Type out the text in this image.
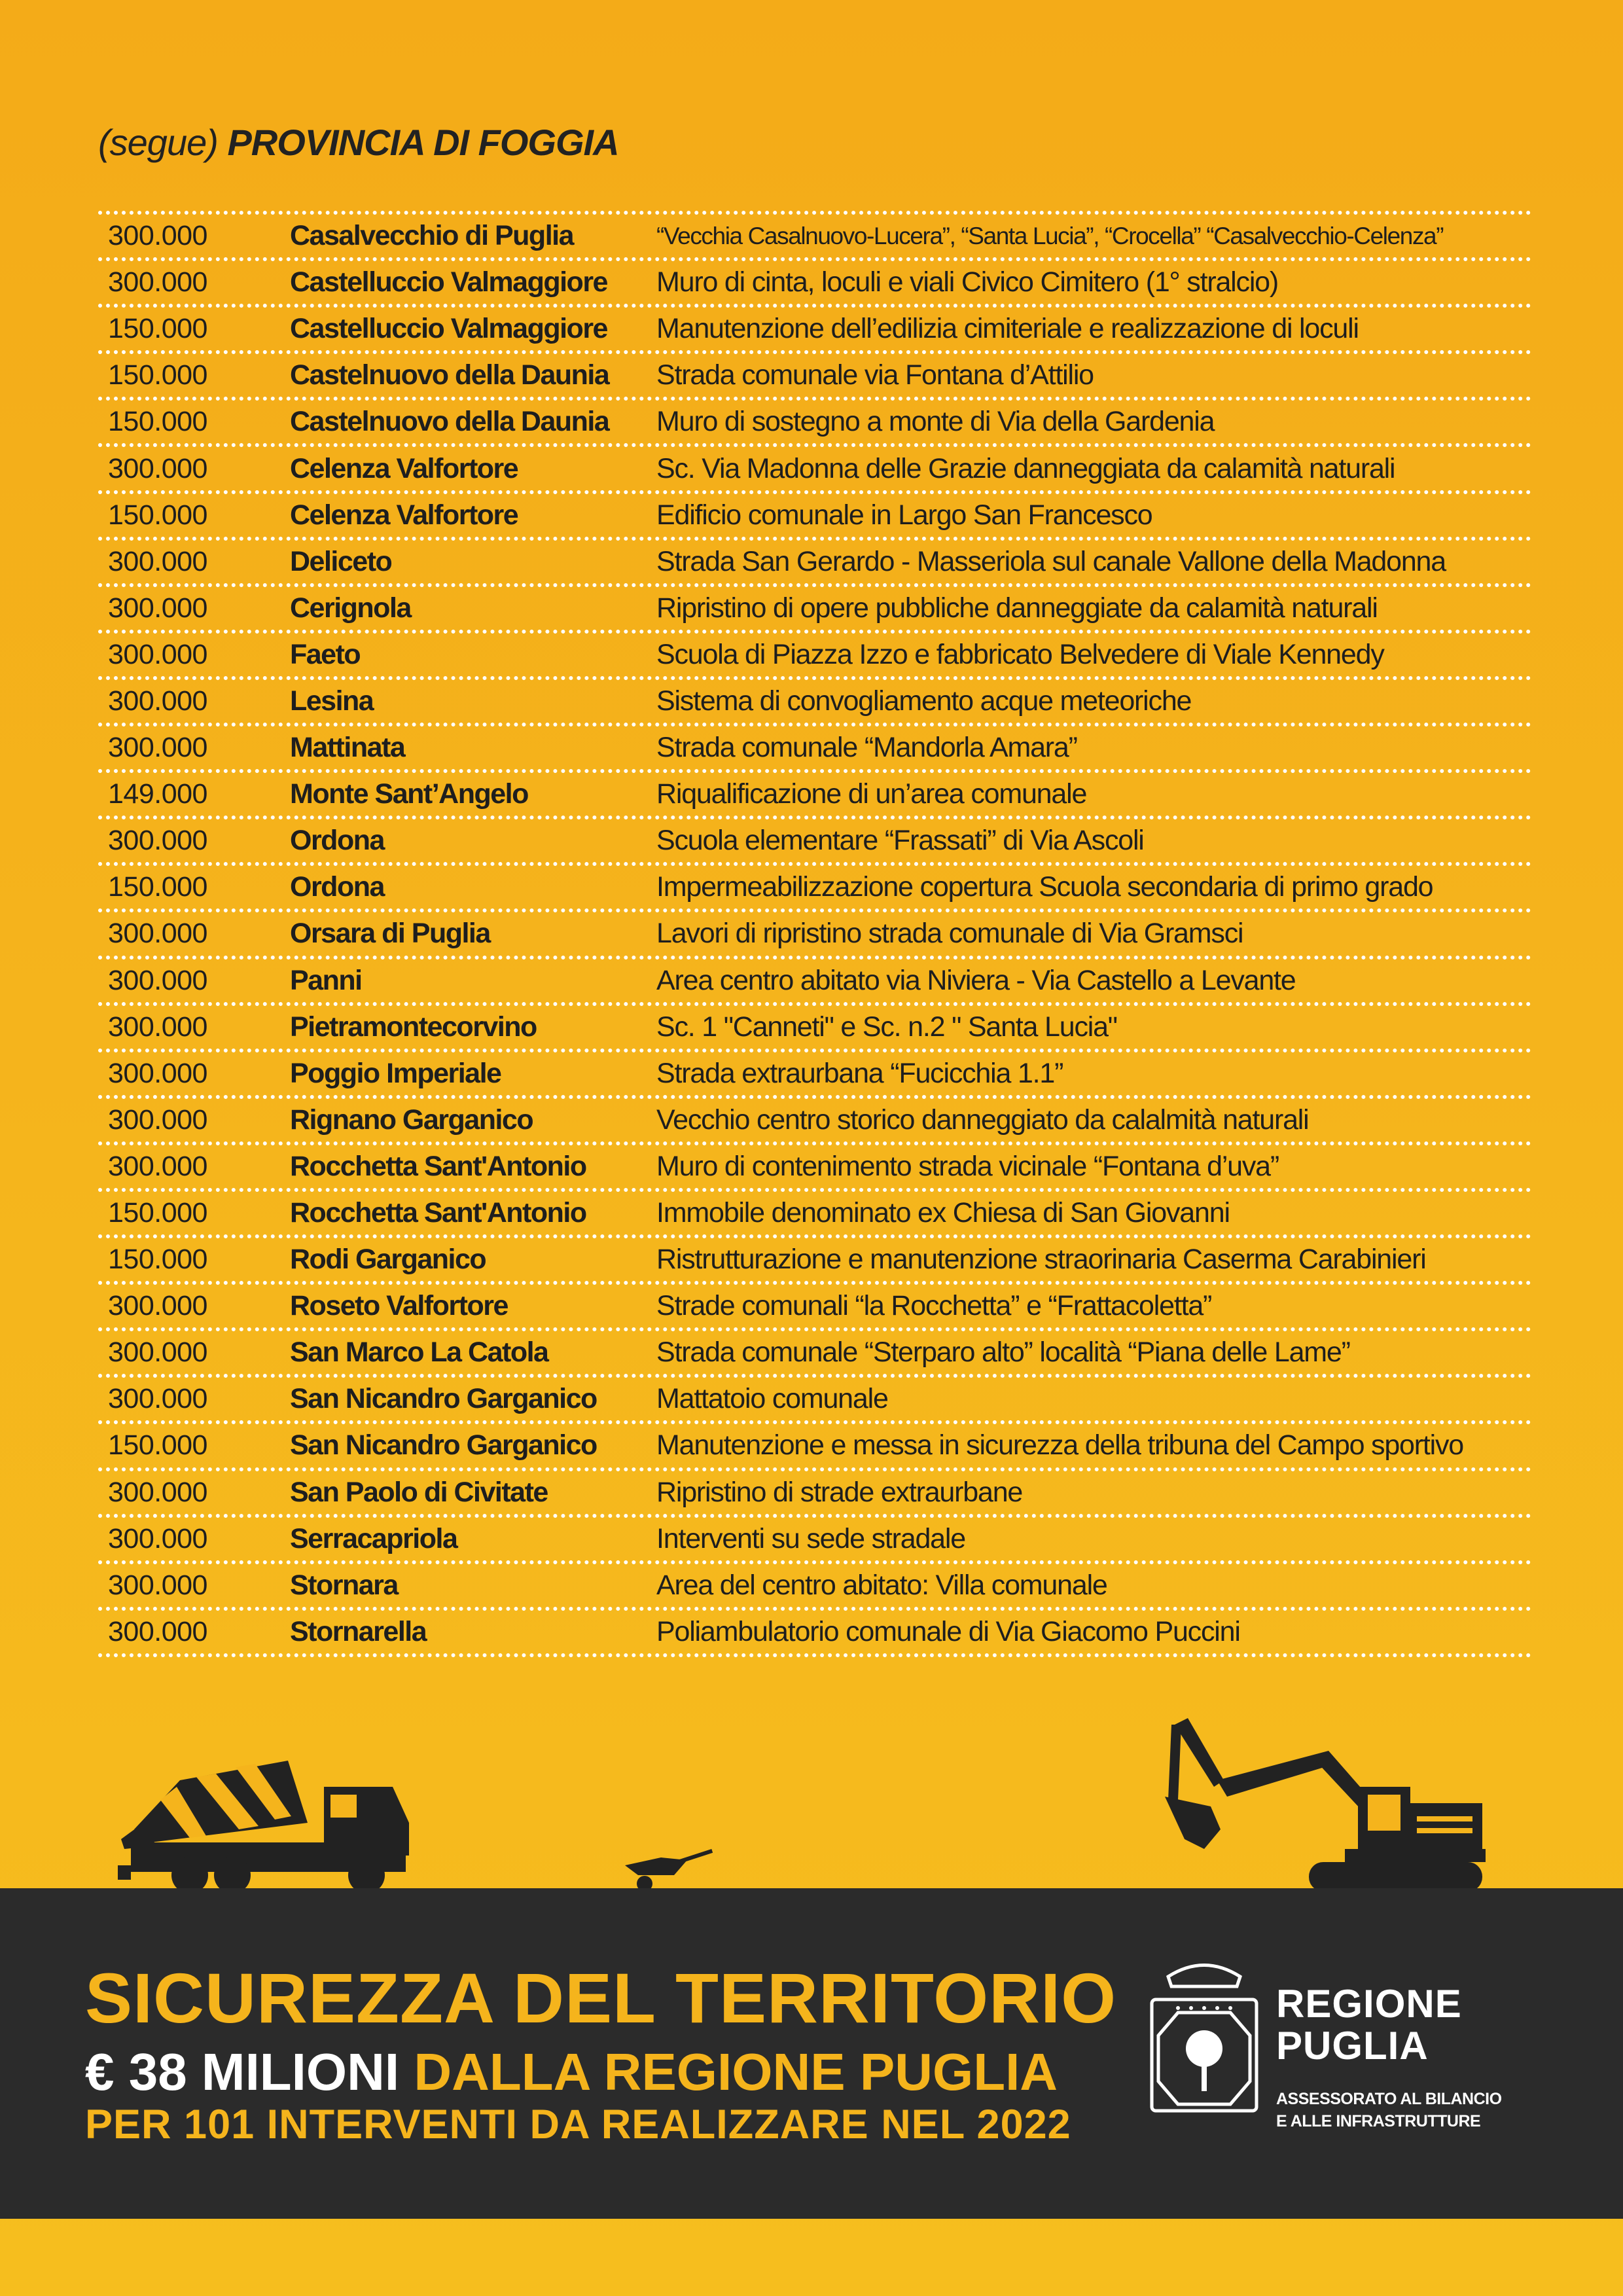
(segue) PROVINCIA DI FOGGIA
300.000	Casalvecchio di Puglia	“Vecchia Casalnuovo-Lucera”, “Santa Lucia”, “Crocella” “Casalvecchio-Celenza”
300.000	Castelluccio Valmaggiore	Muro di cinta, loculi e viali Civico Cimitero (1° stralcio)
150.000	Castelluccio Valmaggiore	Manutenzione dell’edilizia cimiteriale e realizzazione di loculi
150.000	Castelnuovo della Daunia	Strada comunale via Fontana d’Attilio
150.000	Castelnuovo della Daunia	Muro di sostegno a monte di Via della Gardenia
300.000	Celenza Valfortore	Sc. Via Madonna delle Grazie danneggiata da calamità naturali
150.000	Celenza Valfortore	Edificio comunale in Largo San Francesco
300.000	Deliceto	Strada San Gerardo - Masseriola sul canale Vallone della Madonna
300.000	Cerignola	Ripristino di opere pubbliche danneggiate da calamità naturali
300.000	Faeto	Scuola di Piazza Izzo e fabbricato Belvedere di Viale Kennedy
300.000	Lesina	Sistema di convogliamento acque meteoriche
300.000	Mattinata	Strada comunale “Mandorla Amara”
149.000	Monte Sant’Angelo	Riqualificazione di un’area comunale
300.000	Ordona	Scuola elementare “Frassati” di Via Ascoli
150.000	Ordona	Impermeabilizzazione copertura Scuola secondaria di primo grado
300.000	Orsara di Puglia	Lavori di ripristino strada comunale di Via Gramsci
300.000	Panni	Area centro abitato via Niviera - Via Castello a Levante
300.000	Pietramontecorvino	Sc. 1 "Canneti" e Sc. n.2 " Santa Lucia"
300.000	Poggio Imperiale	Strada extraurbana “Fucicchia 1.1”
300.000	Rignano Garganico	Vecchio centro storico danneggiato da calalmità naturali
300.000	Rocchetta Sant'Antonio	Muro di contenimento strada vicinale “Fontana d’uva”
150.000	Rocchetta Sant'Antonio	Immobile denominato ex Chiesa di San Giovanni
150.000	Rodi Garganico	Ristrutturazione e manutenzione straorinaria Caserma Carabinieri
300.000	Roseto Valfortore	Strade comunali “la Rocchetta” e “Frattacoletta”
300.000	San Marco La Catola	Strada comunale “Sterparo alto” località “Piana delle Lame”
300.000	San Nicandro Garganico	Mattatoio comunale
150.000	San Nicandro Garganico	Manutenzione e messa in sicurezza della tribuna del Campo sportivo
300.000	San Paolo di Civitate	Ripristino di strade extraurbane
300.000	Serracapriola	Interventi su sede stradale
300.000	Stornara	Area del centro abitato: Villa comunale
300.000	Stornarella	Poliambulatorio comunale di Via Giacomo Puccini
SICUREZZA DEL TERRITORIO
€ 38 MILIONI DALLA REGIONE PUGLIA
PER 101 INTERVENTI DA REALIZZARE NEL 2022
REGIONE
PUGLIA
ASSESSORATO AL BILANCIO
E ALLE INFRASTRUTTURE
